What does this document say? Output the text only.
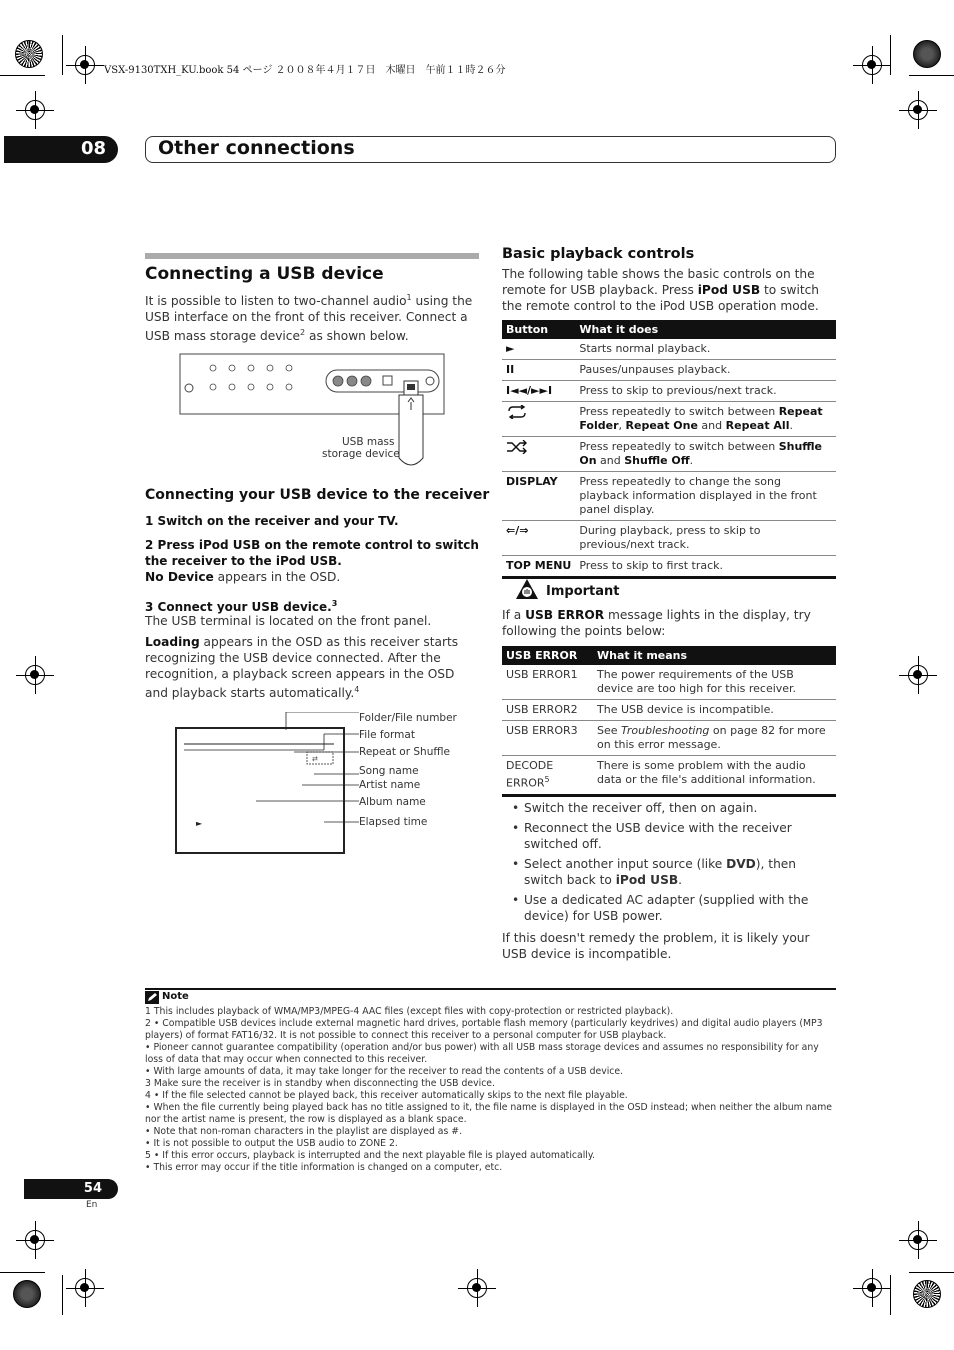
VSX-9130TXH_KU.book 54 ページ ２００８年４月１７日　木曜日　午前１１時２６分
08	Other connections
Connecting a USB device

It is possible to listen to two-channel audio$^1$ using the USB interface on the front of this receiver. Connect a USB mass storage device$^2$ as shown below.

USB mass
storage device
Connecting your USB device to the receiver
1 Switch on the receiver and your TV.
2 Press iPod USB on the remote control to switch the receiver to the iPod USB.

No Device appears in the OSD.

3 Connect your USB device.$^3$

The USB terminal is located on the front panel.

Loading appears in the OSD as this receiver starts recognizing the USB device connected. After the recognition, a playback screen appears in the OSD and playback starts automatically.$^4$

⇄
►
Folder/File number
File format
Repeat or Shuffle
Song name
Artist name
Album name
Elapsed time
Basic playback controls

The following table shows the basic controls on the remote for USB playback. Press iPod USB to switch the remote control to the iPod USB operation mode.

Button	What it does
►	Starts normal playback.
II	Pauses/unpauses playback.
I◄◄/►►I	Press to skip to previous/next track.
	Press repeatedly to switch between Repeat Folder, Repeat One and Repeat All.
	Press repeatedly to switch between Shuffle On and Shuffle Off.
DISPLAY	Press repeatedly to change the song playback information displayed in the front panel display.
⇐/⇒	During playback, press to skip to previous/next track.
TOP MENU	Press to skip to first track.
Important

If a USB ERROR message lights in the display, try following the points below:

USB ERROR	What it means
USB ERROR1	The power requirements of the USB device are too high for this receiver.
USB ERROR2	The USB device is incompatible.
USB ERROR3	See Troubleshooting on page 82 for more on this error message.
DECODE ERROR$^5$	There is some problem with the audio data or the file's additional information.
• Switch the receiver off, then on again.
• Reconnect the USB device with the receiver switched off.
• Select another input source (like DVD), then switch back to iPod USB.
• Use a dedicated AC adapter (supplied with the device) for USB power.

If this doesn't remedy the problem, it is likely your USB device is incompatible.

Note
1 This includes playback of WMA/MP3/MPEG-4 AAC files (except files with copy-protection or restricted playback).
2 • Compatible USB devices include external magnetic hard drives, portable flash memory (particularly keydrives) and digital audio players (MP3 players) of format FAT16/32. It is not possible to connect this receiver to a personal computer for USB playback.
• Pioneer cannot guarantee compatibility (operation and/or bus power) with all USB mass storage devices and assumes no responsibility for any loss of data that may occur when connected to this receiver.
• With large amounts of data, it may take longer for the receiver to read the contents of a USB device.
3 Make sure the receiver is in standby when disconnecting the USB device.
4 • If the file selected cannot be played back, this receiver automatically skips to the next file playable.
• When the file currently being played back has no title assigned to it, the file name is displayed in the OSD instead; when neither the album name nor the artist name is present, the row is displayed as a blank space.
• Note that non-roman characters in the playlist are displayed as #.
• It is not possible to output the USB audio to ZONE 2.
5 • If this error occurs, playback is interrupted and the next playable file is played automatically.
• This error may occur if the title information is changed on a computer, etc.
54
En
